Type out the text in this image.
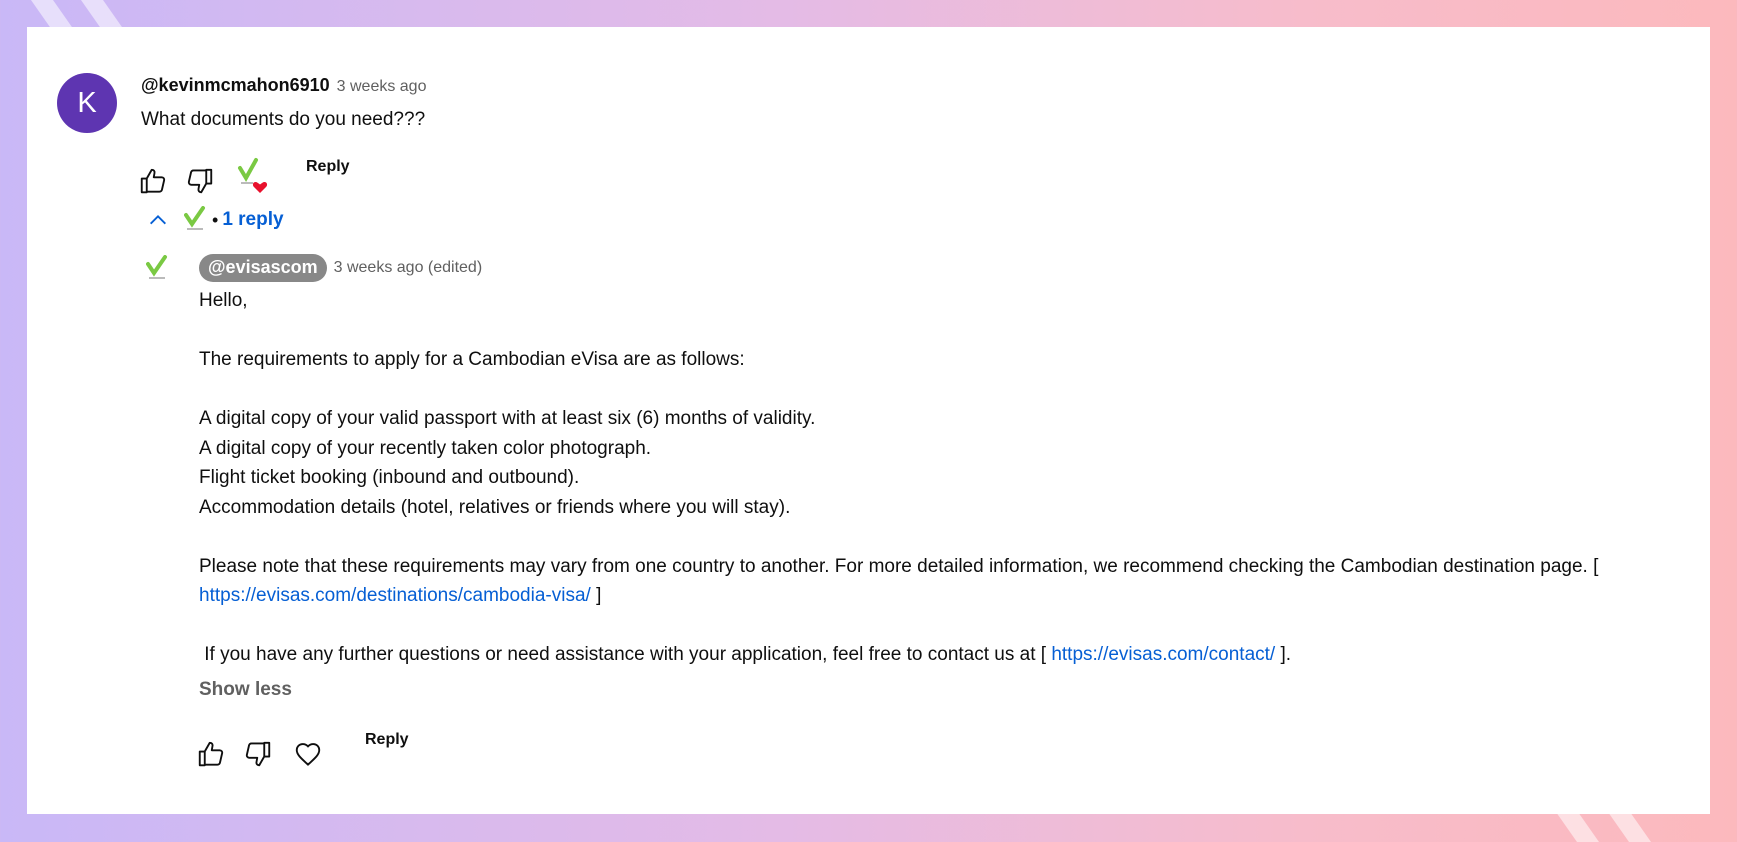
K
@kevinmcmahon6910 3 weeks ago
What documents do you need???
Reply
• 1 reply
@evisascom	3 weeks ago (edited)

Hello,

The requirements to apply for a Cambodian eVisa are as follows:

A digital copy of your valid passport with at least six (6) months of validity.

A digital copy of your recently taken color photograph.

Flight ticket booking (inbound and outbound).

Accommodation details (hotel, relatives or friends where you will stay).

Please note that these requirements may vary from one country to another. For more detailed information, we recommend checking the Cambodian destination page. [ https://evisas.com/destinations/cambodia-visa/ ]

If you have any further questions or need assistance with your application, feel free to contact us at [ https://evisas.com/contact/ ].

Show less
Reply
